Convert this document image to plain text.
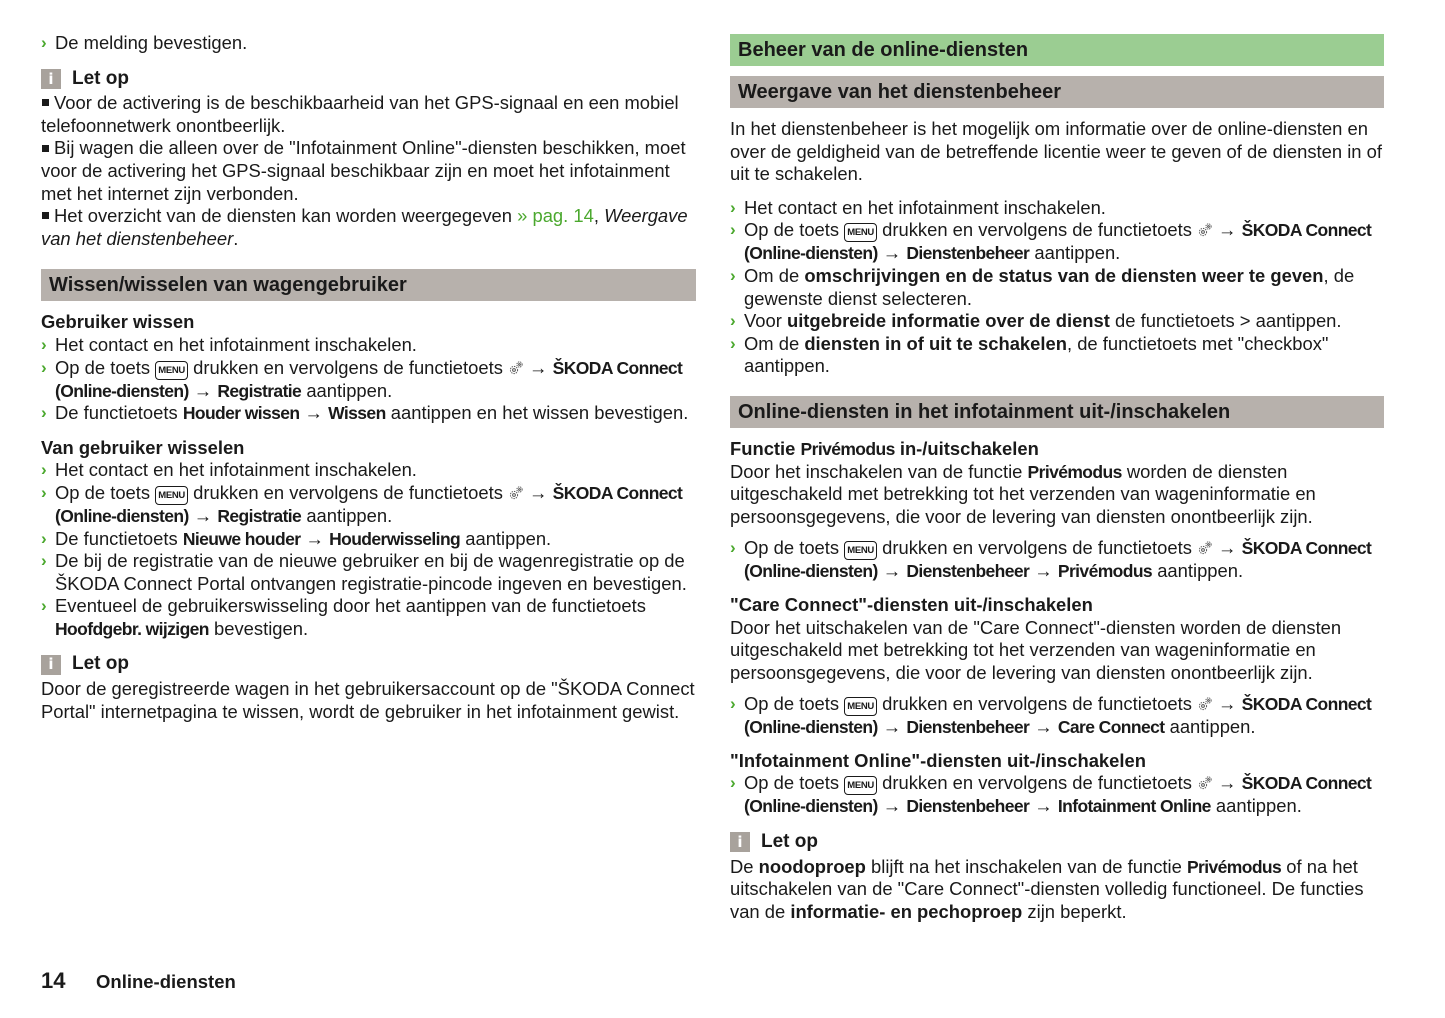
› De melding bevestigen.
i Let op
Voor de activering is de beschikbaarheid van het GPS-signaal en een mobiel telefoonnetwerk onontbeerlijk.
Bij wagen die alleen over de "Infotainment Online"-diensten beschikken, moet voor de activering het GPS-signaal beschikbaar zijn en moet het infotainment met het internet zijn verbonden.
Het overzicht van de diensten kan worden weergegeven » pag. 14, Weergave van het dienstenbeheer.
Wissen/wisselen van wagengebruiker
Gebruiker wissen
› Het contact en het infotainment inschakelen.
› Op de toets MENU drukken en vervolgens de functietoets → ŠKODA Connect (Online-diensten) → Registratie aantippen.
› De functietoets Houder wissen → Wissen aantippen en het wissen bevestigen.
Van gebruiker wisselen
› Het contact en het infotainment inschakelen.
› Op de toets MENU drukken en vervolgens de functietoets → ŠKODA Connect (Online-diensten) → Registratie aantippen.
› De functietoets Nieuwe houder → Houderwisseling aantippen.
› De bij de registratie van de nieuwe gebruiker en bij de wagenregistratie op de ŠKODA Connect Portal ontvangen registratie-pincode ingeven en bevestigen.
› Eventueel de gebruikerswisseling door het aantippen van de functietoets Hoofdgebr. wijzigen bevestigen.
i Let op
Door de geregistreerde wagen in het gebruikersaccount op de "ŠKODA Connect Portal" internetpagina te wissen, wordt de gebruiker in het infotainment gewist.
Beheer van de online-diensten
Weergave van het dienstenbeheer
In het dienstenbeheer is het mogelijk om informatie over de online-diensten en over de geldigheid van de betreffende licentie weer te geven of de diensten in of uit te schakelen.
› Het contact en het infotainment inschakelen.
› Op de toets MENU drukken en vervolgens de functietoets → ŠKODA Connect (Online-diensten) → Dienstenbeheer aantippen.
› Om de omschrijvingen en de status van de diensten weer te geven, de gewenste dienst selecteren.
› Voor uitgebreide informatie over de dienst de functietoets > aantippen.
› Om de diensten in of uit te schakelen, de functietoets met "checkbox" aantippen.
Online-diensten in het infotainment uit-/inschakelen
Functie Privémodus in-/uitschakelen
Door het inschakelen van de functie Privémodus worden de diensten uitgeschakeld met betrekking tot het verzenden van wageninformatie en persoonsgegevens, die voor de levering van diensten onontbeerlijk zijn.
› Op de toets MENU drukken en vervolgens de functietoets → ŠKODA Connect (Online-diensten) → Dienstenbeheer → Privémodus aantippen.
"Care Connect"-diensten uit-/inschakelen
Door het uitschakelen van de "Care Connect"-diensten worden de diensten uitgeschakeld met betrekking tot het verzenden van wageninformatie en persoonsgegevens, die voor de levering van diensten onontbeerlijk zijn.
› Op de toets MENU drukken en vervolgens de functietoets → ŠKODA Connect (Online-diensten) → Dienstenbeheer → Care Connect aantippen.
"Infotainment Online"-diensten uit-/inschakelen
› Op de toets MENU drukken en vervolgens de functietoets → ŠKODA Connect (Online-diensten) → Dienstenbeheer → Infotainment Online aantippen.
i Let op
De noodoproep blijft na het inschakelen van de functie Privémodus of na het uitschakelen van de "Care Connect"-diensten volledig functioneel. De functies van de informatie- en pechoproep zijn beperkt.
14	Online-diensten
